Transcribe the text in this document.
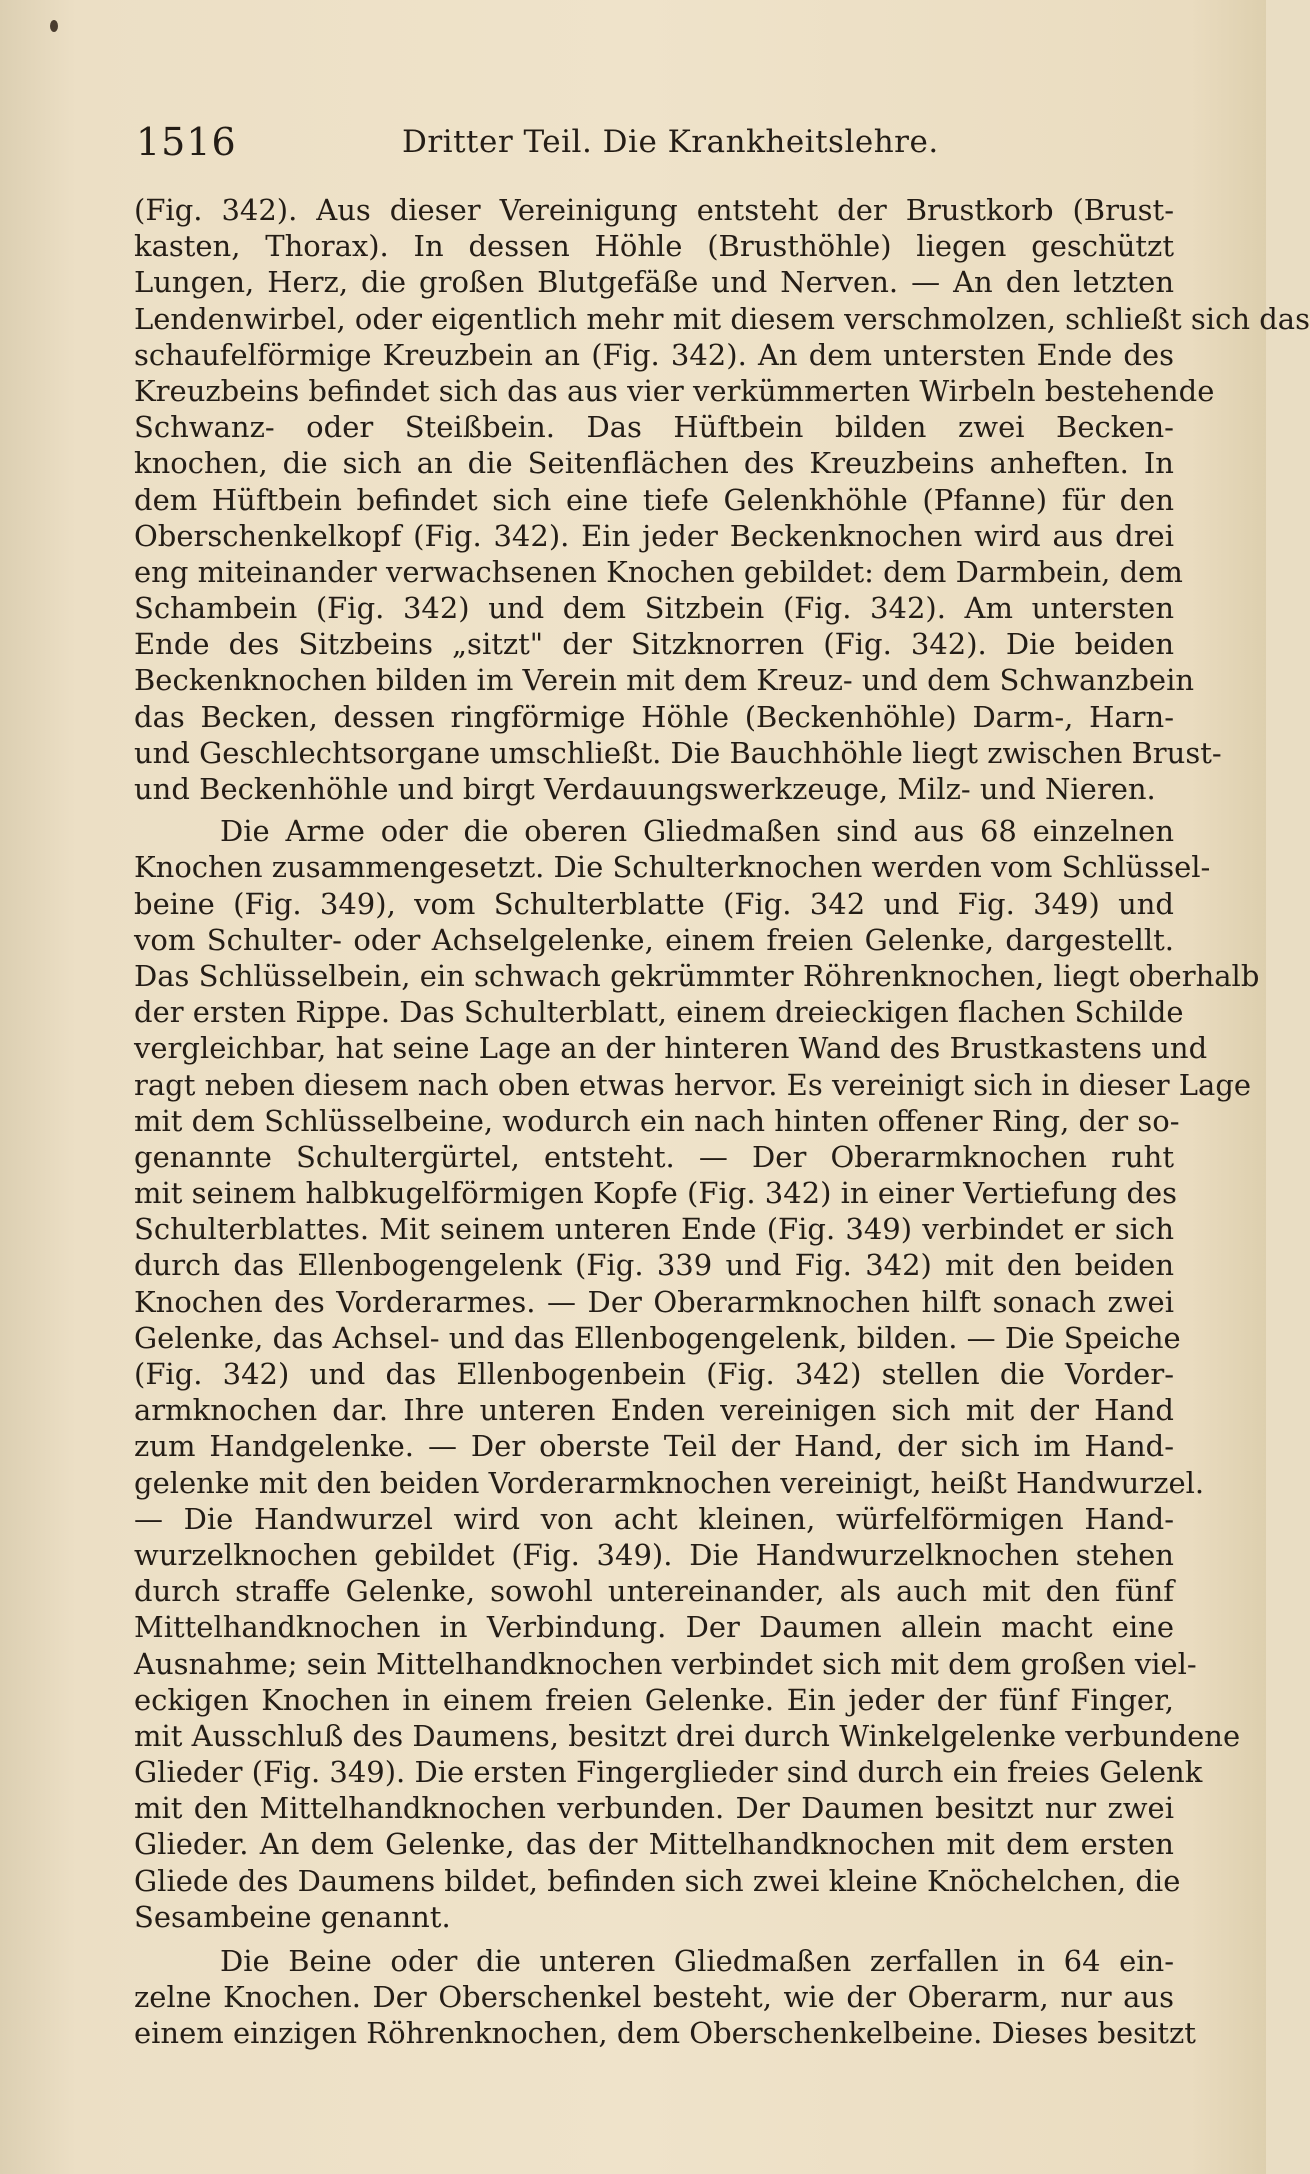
1516	Dritter Teil. Die Krankheitslehre.
(Fig. 342). Aus dieser Vereinigung entsteht der Brustkorb (Brust-
kasten, Thorax). In dessen Höhle (Brusthöhle) liegen geschützt
Lungen, Herz, die großen Blutgefäße und Nerven. — An den letzten
Lendenwirbel, oder eigentlich mehr mit diesem verschmolzen, schließt sich das
schaufelförmige Kreuzbein an (Fig. 342). An dem untersten Ende des
Kreuzbeins befindet sich das aus vier verkümmerten Wirbeln bestehende
Schwanz- oder Steißbein. Das Hüftbein bilden zwei Becken-
knochen, die sich an die Seitenflächen des Kreuzbeins anheften. In
dem Hüftbein befindet sich eine tiefe Gelenkhöhle (Pfanne) für den
Oberschenkelkopf (Fig. 342). Ein jeder Beckenknochen wird aus drei
eng miteinander verwachsenen Knochen gebildet: dem Darmbein, dem
Schambein (Fig. 342) und dem Sitzbein (Fig. 342). Am untersten
Ende des Sitzbeins „sitzt" der Sitzknorren (Fig. 342). Die beiden
Beckenknochen bilden im Verein mit dem Kreuz- und dem Schwanzbein
das Becken, dessen ringförmige Höhle (Beckenhöhle) Darm-, Harn-
und Geschlechtsorgane umschließt. Die Bauchhöhle liegt zwischen Brust-
und Beckenhöhle und birgt Verdauungswerkzeuge, Milz- und Nieren.
Die Arme oder die oberen Gliedmaßen sind aus 68 einzelnen
Knochen zusammengesetzt. Die Schulterknochen werden vom Schlüssel-
beine (Fig. 349), vom Schulterblatte (Fig. 342 und Fig. 349) und
vom Schulter- oder Achselgelenke, einem freien Gelenke, dargestellt.
Das Schlüsselbein, ein schwach gekrümmter Röhrenknochen, liegt oberhalb
der ersten Rippe. Das Schulterblatt, einem dreieckigen flachen Schilde
vergleichbar, hat seine Lage an der hinteren Wand des Brustkastens und
ragt neben diesem nach oben etwas hervor. Es vereinigt sich in dieser Lage
mit dem Schlüsselbeine, wodurch ein nach hinten offener Ring, der so-
genannte Schultergürtel, entsteht. — Der Oberarmknochen ruht
mit seinem halbkugelförmigen Kopfe (Fig. 342) in einer Vertiefung des
Schulterblattes. Mit seinem unteren Ende (Fig. 349) verbindet er sich
durch das Ellenbogengelenk (Fig. 339 und Fig. 342) mit den beiden
Knochen des Vorderarmes. — Der Oberarmknochen hilft sonach zwei
Gelenke, das Achsel- und das Ellenbogengelenk, bilden. — Die Speiche
(Fig. 342) und das Ellenbogenbein (Fig. 342) stellen die Vorder-
armknochen dar. Ihre unteren Enden vereinigen sich mit der Hand
zum Handgelenke. — Der oberste Teil der Hand, der sich im Hand-
gelenke mit den beiden Vorderarmknochen vereinigt, heißt Handwurzel.
— Die Handwurzel wird von acht kleinen, würfelförmigen Hand-
wurzelknochen gebildet (Fig. 349). Die Handwurzelknochen stehen
durch straffe Gelenke, sowohl untereinander, als auch mit den fünf
Mittelhandknochen in Verbindung. Der Daumen allein macht eine
Ausnahme; sein Mittelhandknochen verbindet sich mit dem großen viel-
eckigen Knochen in einem freien Gelenke. Ein jeder der fünf Finger,
mit Ausschluß des Daumens, besitzt drei durch Winkelgelenke verbundene
Glieder (Fig. 349). Die ersten Fingerglieder sind durch ein freies Gelenk
mit den Mittelhandknochen verbunden. Der Daumen besitzt nur zwei
Glieder. An dem Gelenke, das der Mittelhandknochen mit dem ersten
Gliede des Daumens bildet, befinden sich zwei kleine Knöchelchen, die
Sesambeine genannt.
Die Beine oder die unteren Gliedmaßen zerfallen in 64 ein-
zelne Knochen. Der Oberschenkel besteht, wie der Oberarm, nur aus
einem einzigen Röhrenknochen, dem Oberschenkelbeine. Dieses besitzt
